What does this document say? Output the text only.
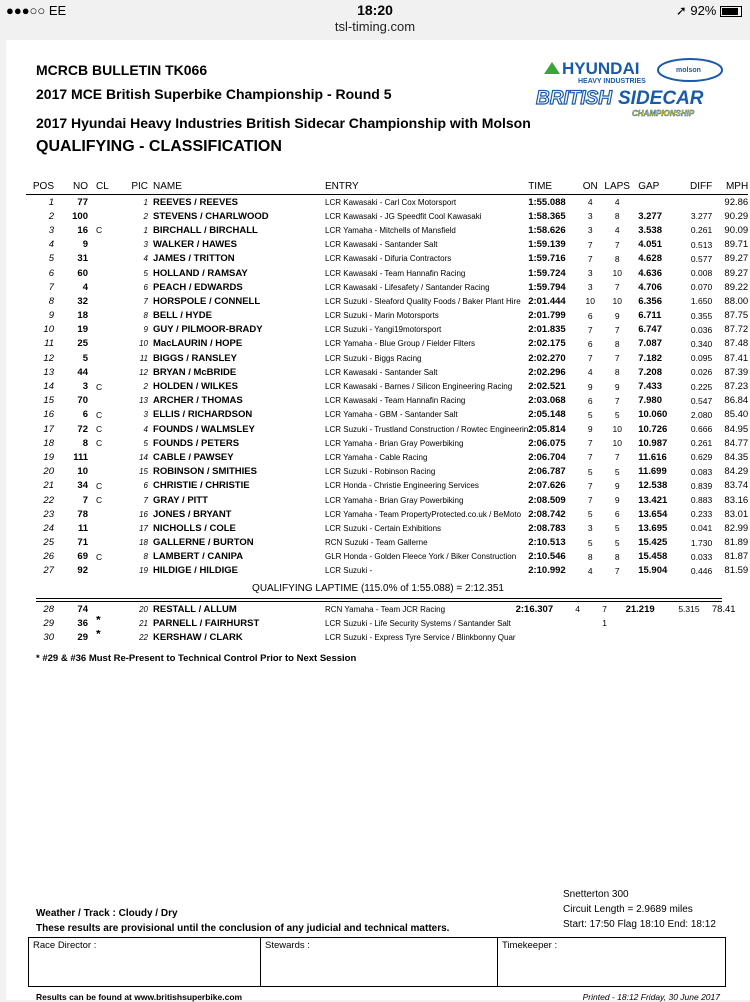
●●●○○ EE	18:20	➚ 92%
tsl-timing.com
MCRCB BULLETIN TK066
2017 MCE British Superbike Championship - Round 5
2017 Hyundai Heavy Industries British Sidecar Championship with Molson
QUALIFYING - CLASSIFICATION
HYUNDAI
HEAVY INDUSTRIES
molson
BRITISH SIDECAR
CHAMPIONSHIP
POS	NO	CL	PIC	NAME	ENTRY	TIME	ON	LAPS	GAP	DIFF	MPH
1	77		1	REEVES / REEVES	LCR Kawasaki - Carl Cox Motorsport	1:55.088	4	4			92.86
2	100		2	STEVENS / CHARLWOOD	LCR Kawasaki - JG Speedfit Cool Kawasaki	1:58.365	3	8	3.277	3.277	90.29
3	16	C	1	BIRCHALL / BIRCHALL	LCR Yamaha - Mitchells of Mansfield	1:58.626	3	4	3.538	0.261	90.09
4	9		3	WALKER / HAWES	LCR Kawasaki - Santander Salt	1:59.139	7	7	4.051	0.513	89.71
5	31		4	JAMES / TRITTON	LCR Kawasaki - Difuria Contractors	1:59.716	7	8	4.628	0.577	89.27
6	60		5	HOLLAND / RAMSAY	LCR Kawasaki - Team Hannafin Racing	1:59.724	3	10	4.636	0.008	89.27
7	4		6	PEACH / EDWARDS	LCR Kawasaki - Lifesafety / Santander Racing	1:59.794	3	7	4.706	0.070	89.22
8	32		7	HORSPOLE / CONNELL	LCR Suzuki - Sleaford Quality Foods / Baker Plant Hire	2:01.444	10	10	6.356	1.650	88.00
9	18		8	BELL / HYDE	LCR Suzuki - Marin Motorsports	2:01.799	6	9	6.711	0.355	87.75
10	19		9	GUY / PILMOOR-BRADY	LCR Suzuki - Yangi19motorsport	2:01.835	7	7	6.747	0.036	87.72
11	25		10	MacLAURIN / HOPE	LCR Yamaha - Blue Group / Fielder Filters	2:02.175	6	8	7.087	0.340	87.48
12	5		11	BIGGS / RANSLEY	LCR Suzuki - Biggs Racing	2:02.270	7	7	7.182	0.095	87.41
13	44		12	BRYAN / McBRIDE	LCR Kawasaki - Santander Salt	2:02.296	4	8	7.208	0.026	87.39
14	3	C	2	HOLDEN / WILKES	LCR Kawasaki - Barnes / Silicon Engineering Racing	2:02.521	9	9	7.433	0.225	87.23
15	70		13	ARCHER / THOMAS	LCR Kawasaki - Team Hannafin Racing	2:03.068	6	7	7.980	0.547	86.84
16	6	C	3	ELLIS / RICHARDSON	LCR Yamaha - GBM - Santander Salt	2:05.148	5	5	10.060	2.080	85.40
17	72	C	4	FOUNDS / WALMSLEY	LCR Suzuki - Trustland Construction / Rowtec Engineerin	2:05.814	9	10	10.726	0.666	84.95
18	8	C	5	FOUNDS / PETERS	LCR Yamaha - Brian Gray Powerbiking	2:06.075	7	10	10.987	0.261	84.77
19	111		14	CABLE / PAWSEY	LCR Yamaha - Cable Racing	2:06.704	7	7	11.616	0.629	84.35
20	10		15	ROBINSON / SMITHIES	LCR Suzuki - Robinson Racing	2:06.787	5	5	11.699	0.083	84.29
21	34	C	6	CHRISTIE / CHRISTIE	LCR Honda - Christie Engineering Services	2:07.626	7	9	12.538	0.839	83.74
22	7	C	7	GRAY / PITT	LCR Yamaha - Brian Gray Powerbiking	2:08.509	7	9	13.421	0.883	83.16
23	78		16	JONES / BRYANT	LCR Yamaha - Team PropertyProtected.co.uk / BeMoto	2:08.742	5	6	13.654	0.233	83.01
24	11		17	NICHOLLS / COLE	LCR Suzuki - Certain Exhibitions	2:08.783	3	5	13.695	0.041	82.99
25	71		18	GALLERNE / BURTON	RCN Suzuki - Team Gallerne	2:10.513	5	5	15.425	1.730	81.89
26	69	C	8	LAMBERT / CANIPA	GLR Honda - Golden Fleece York / Biker Construction	2:10.546	8	8	15.458	0.033	81.87
27	92		19	HILDIGE / HILDIGE	LCR Suzuki -	2:10.992	4	7	15.904	0.446	81.59
QUALIFYING LAPTIME (115.0% of 1:55.088) = 2:12.351
28	74		20	RESTALL / ALLUM	RCN Yamaha - Team JCR Racing	2:16.307	4	7	21.219	5.315	78.41
29	36	*	21	PARNELL / FAIRHURST	LCR Suzuki - Life Security Systems / Santander Salt			1			
30	29	*	22	KERSHAW / CLARK	LCR Suzuki - Express Tyre Service / Blinkbonny Quar						
* #29 & #36 Must Re-Present to Technical Control Prior to Next Session
Snetterton 300
Circuit Length = 2.9689 miles
Start: 17:50 Flag 18:10 End: 18:12
Weather / Track : Cloudy / Dry
These results are provisional until the conclusion of any judicial and technical matters.
Race Director :	Stewards :	Timekeeper :
Results can be found at www.britishsuperbike.com	Printed - 18:12 Friday, 30 June 2017
